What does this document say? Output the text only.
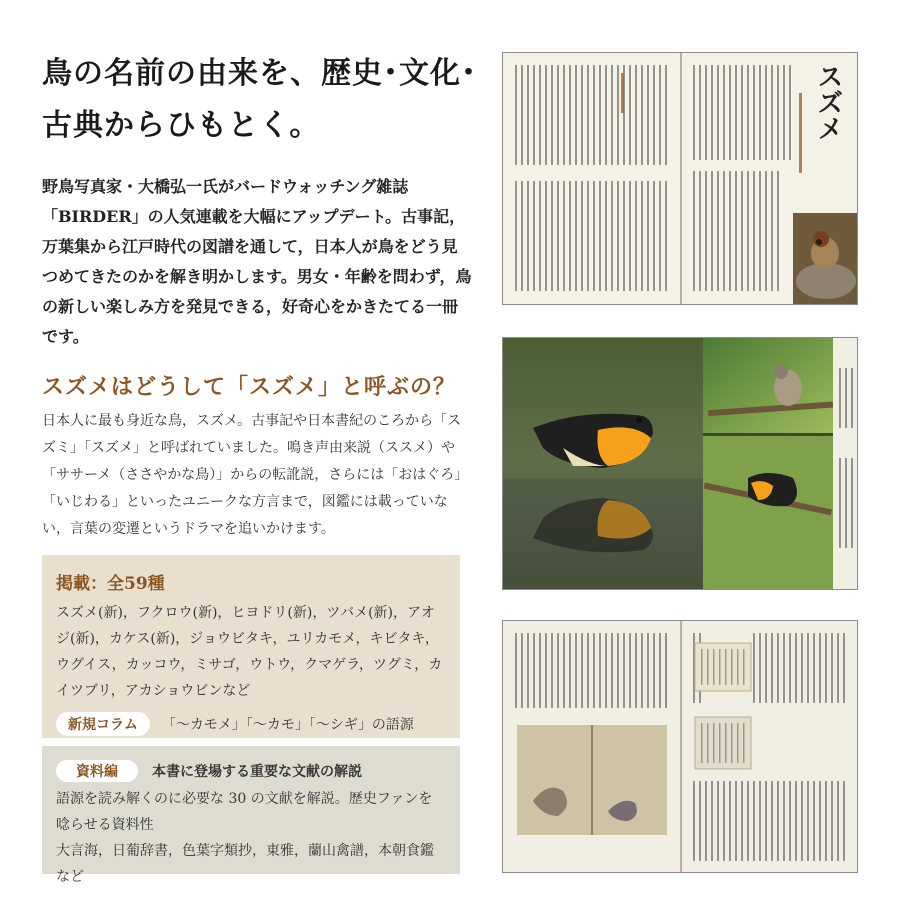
鳥の名前の由来を、歴史･文化･
古典からひもとく。
野鳥写真家・大橋弘一氏がバードウォッチング雑誌「BIRDER」の人気連載を大幅にアップデート。古事記，万葉集から江戸時代の図譜を通して，日本人が鳥をどう見つめてきたのかを解き明かします。男女・年齢を問わず，鳥の新しい楽しみ方を発見できる，好奇心をかきたてる一冊です。
スズメはどうして「スズメ」と呼ぶの？
日本人に最も身近な鳥，スズメ。古事記や日本書紀のころから「スズミ」「スズメ」と呼ばれていました。鳴き声由来説（ススメ）や「ササーメ（ささやかな鳥）」からの転訛説，さらには「おはぐろ」「いじわる」といったユニークな方言まで，図鑑には載っていない，言葉の変遷というドラマを追いかけます。
掲載：全59種
スズメ(新)，フクロウ(新)，ヒヨドリ(新)，ツバメ(新)，アオジ(新)，カケス(新)，ジョウビタキ，ユリカモメ，キビタキ，ウグイス，カッコウ，ミサゴ，ウトウ，クマゲラ，ツグミ，カイツブリ，アカショウビンなど
新規コラム	「〜カモメ」「〜カモ」「〜シギ」の語源
資料編	本書に登場する重要な文献の解説
語源を読み解くのに必要な 30 の文献を解説。歴史ファンを唸らせる資料性
大言海，日葡辞書，色葉字類抄，東雅，蘭山禽譜，本朝食鑑など
スズメ
